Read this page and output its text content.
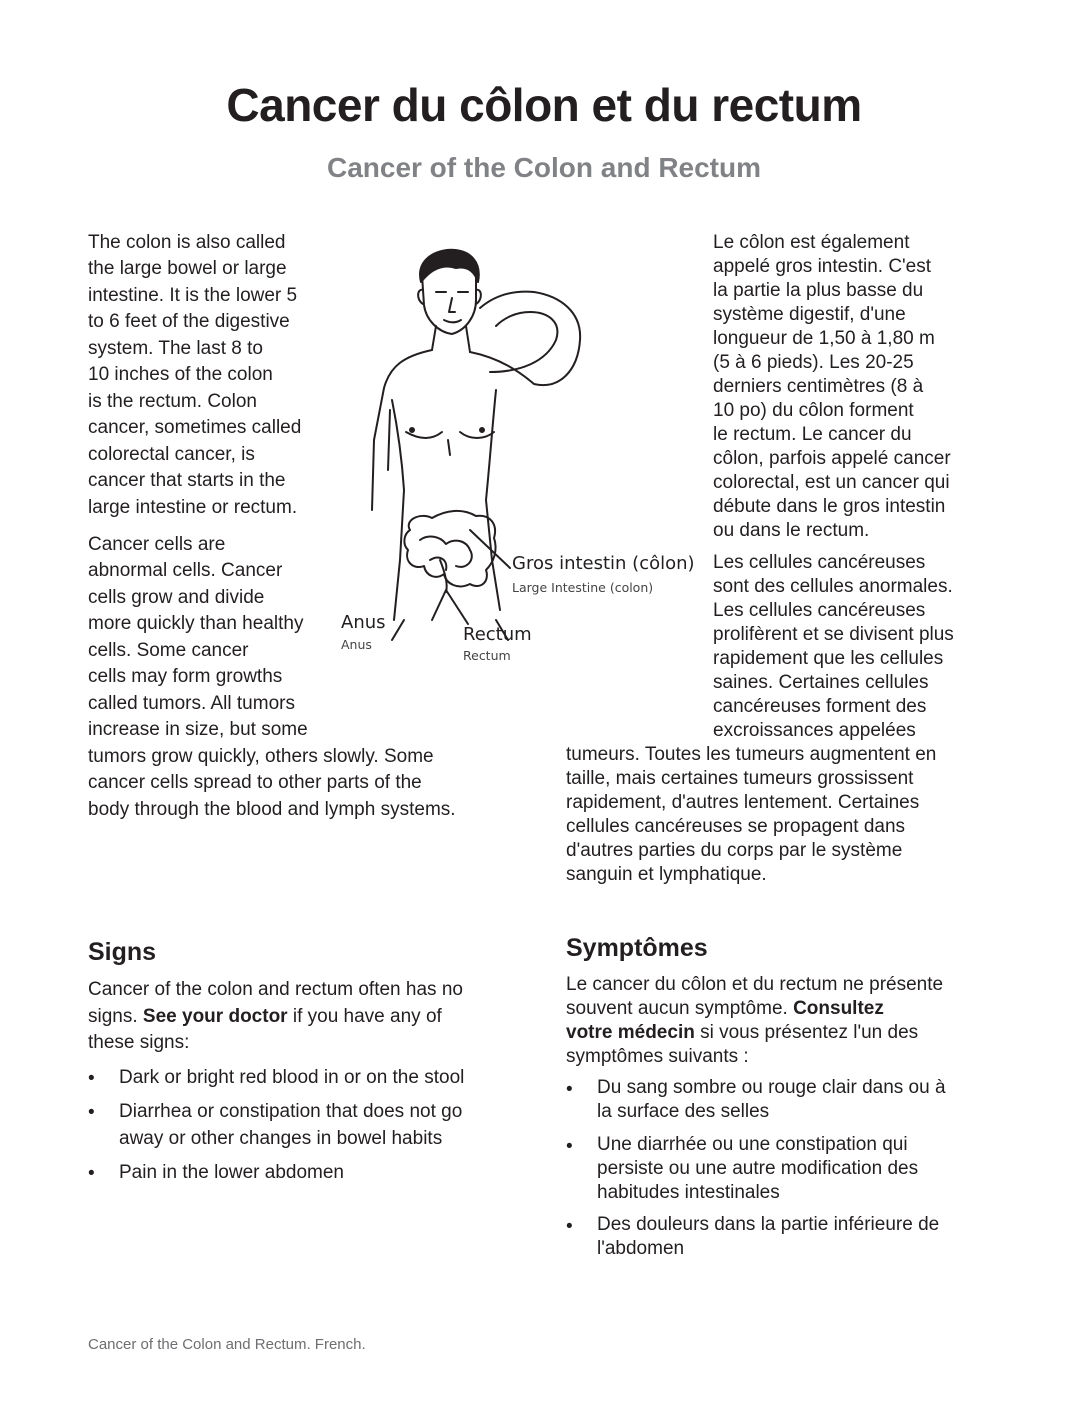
Cancer du côlon et du rectum
Cancer of the Colon and Rectum
The colon is also called
the large bowel or large
intestine. It is the lower 5
to 6 feet of the digestive
system. The last 8 to
10 inches of the colon
is the rectum. Colon
cancer, sometimes called
colorectal cancer, is
cancer that starts in the
large intestine or rectum.
Cancer cells are
abnormal cells. Cancer
cells grow and divide
more quickly than healthy
cells. Some cancer
cells may form growths
called tumors. All tumors
increase in size, but some
tumors grow quickly, others slowly. Some
cancer cells spread to other parts of the
body through the blood and lymph systems.
Le côlon est également
appelé gros intestin. C'est
la partie la plus basse du
système digestif, d'une
longueur de 1,50 à 1,80 m
(5 à 6 pieds). Les 20-25
derniers centimètres (8 à
10 po) du côlon forment
le rectum. Le cancer du
côlon, parfois appelé cancer
colorectal, est un cancer qui
débute dans le gros intestin
ou dans le rectum.
Les cellules cancéreuses
sont des cellules anormales.
Les cellules cancéreuses
prolifèrent et se divisent plus
rapidement que les cellules
saines. Certaines cellules
cancéreuses forment des
excroissances appelées
tumeurs. Toutes les tumeurs augmentent en
taille, mais certaines tumeurs grossissent
rapidement, d'autres lentement. Certaines
cellules cancéreuses se propagent dans
d'autres parties du corps par le système
sanguin et lymphatique.
Gros intestin (côlon)
Large Intestine (colon)
Anus
Anus	Rectum
Rectum
Signs
Cancer of the colon and rectum often has no
signs. See your doctor if you have any of
these signs:
• Dark or bright red blood in or on the stool
• Diarrhea or constipation that does not go
away or other changes in bowel habits
• Pain in the lower abdomen
Symptômes
Le cancer du côlon et du rectum ne présente
souvent aucun symptôme. Consultez
votre médecin si vous présentez l'un des
symptômes suivants :
• Du sang sombre ou rouge clair dans ou à
la surface des selles
• Une diarrhée ou une constipation qui
persiste ou une autre modification des
habitudes intestinales
• Des douleurs dans la partie inférieure de
l'abdomen
Cancer of the Colon and Rectum. French.
